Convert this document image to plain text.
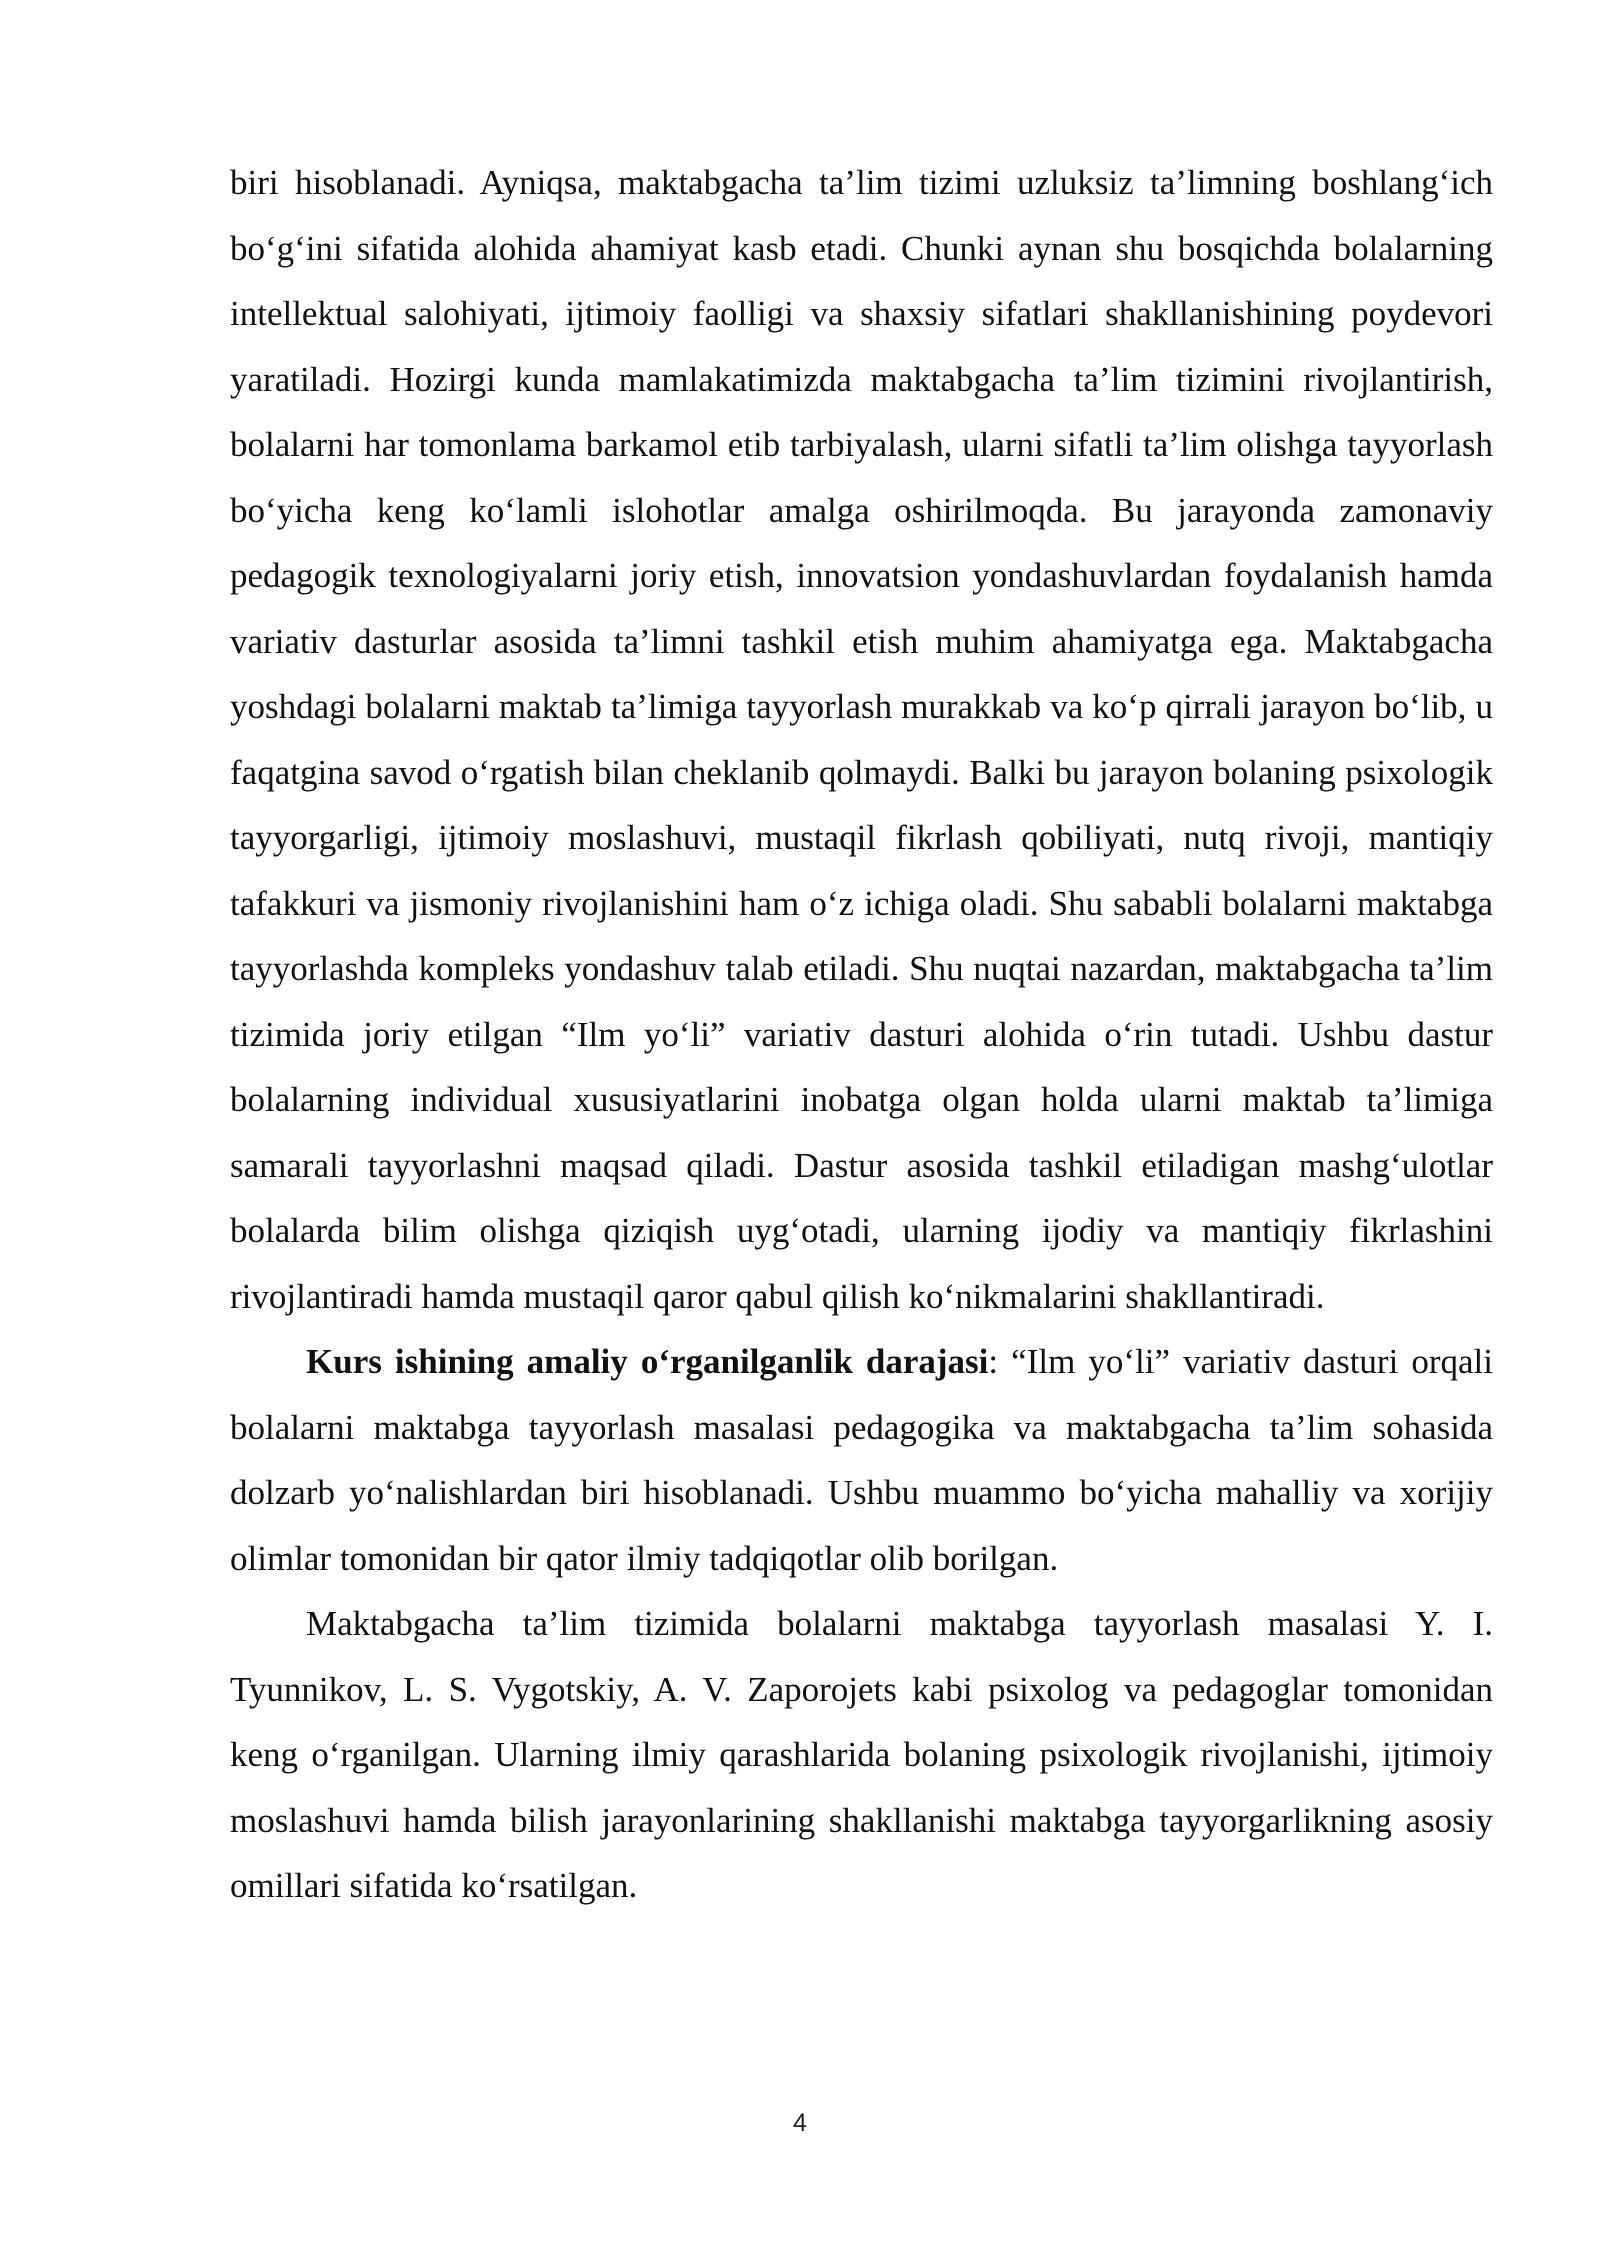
biri hisoblanadi. Ayniqsa, maktabgacha ta’lim tizimi uzluksiz ta’limning boshlang‘ich bo‘g‘ini sifatida alohida ahamiyat kasb etadi. Chunki aynan shu bosqichda bolalarning intellektual salohiyati, ijtimoiy faolligi va shaxsiy sifatlari shakllanishining poydevori yaratiladi. Hozirgi kunda mamlakatimizda maktabgacha ta’lim tizimini rivojlantirish, bolalarni har tomonlama barkamol etib tarbiyalash, ularni sifatli ta’lim olishga tayyorlash bo‘yicha keng ko‘lamli islohotlar amalga oshirilmoqda. Bu jarayonda zamonaviy pedagogik texnologiyalarni joriy etish, innovatsion yondashuvlardan foydalanish hamda variativ dasturlar asosida ta’limni tashkil etish muhim ahamiyatga ega. Maktabgacha yoshdagi bolalarni maktab ta’limiga tayyorlash murakkab va ko‘p qirrali jarayon bo‘lib, u faqatgina savod o‘rgatish bilan cheklanib qolmaydi. Balki bu jarayon bolaning psixologik tayyorgarligi, ijtimoiy moslashuvi, mustaqil fikrlash qobiliyati, nutq rivoji, mantiqiy tafakkuri va jismoniy rivojlanishini ham o‘z ichiga oladi. Shu sababli bolalarni maktabga tayyorlashda kompleks yondashuv talab etiladi. Shu nuqtai nazardan, maktabgacha ta’lim tizimida joriy etilgan “Ilm yo‘li” variativ dasturi alohida o‘rin tutadi. Ushbu dastur bolalarning individual xususiyatlarini inobatga olgan holda ularni maktab ta’limiga samarali tayyorlashni maqsad qiladi. Dastur asosida tashkil etiladigan mashg‘ulotlar bolalarda bilim olishga qiziqish uyg‘otadi, ularning ijodiy va mantiqiy fikrlashini rivojlantiradi hamda mustaqil qaror qabul qilish ko‘nikmalarini shakllantiradi.

Kurs ishining amaliy o‘rganilganlik darajasi: “Ilm yo‘li” variativ dasturi orqali bolalarni maktabga tayyorlash masalasi pedagogika va maktabgacha ta’lim sohasida dolzarb yo‘nalishlardan biri hisoblanadi. Ushbu muammo bo‘yicha mahalliy va xorijiy olimlar tomonidan bir qator ilmiy tadqiqotlar olib borilgan.

Maktabgacha ta’lim tizimida bolalarni maktabga tayyorlash masalasi Y. I. Tyunnikov, L. S. Vygotskiy, A. V. Zaporojets kabi psixolog va pedagoglar tomonidan keng o‘rganilgan. Ularning ilmiy qarashlarida bolaning psixologik rivojlanishi, ijtimoiy moslashuvi hamda bilish jarayonlarining shakllanishi maktabga tayyorgarlikning asosiy omillari sifatida ko‘rsatilgan.

4
